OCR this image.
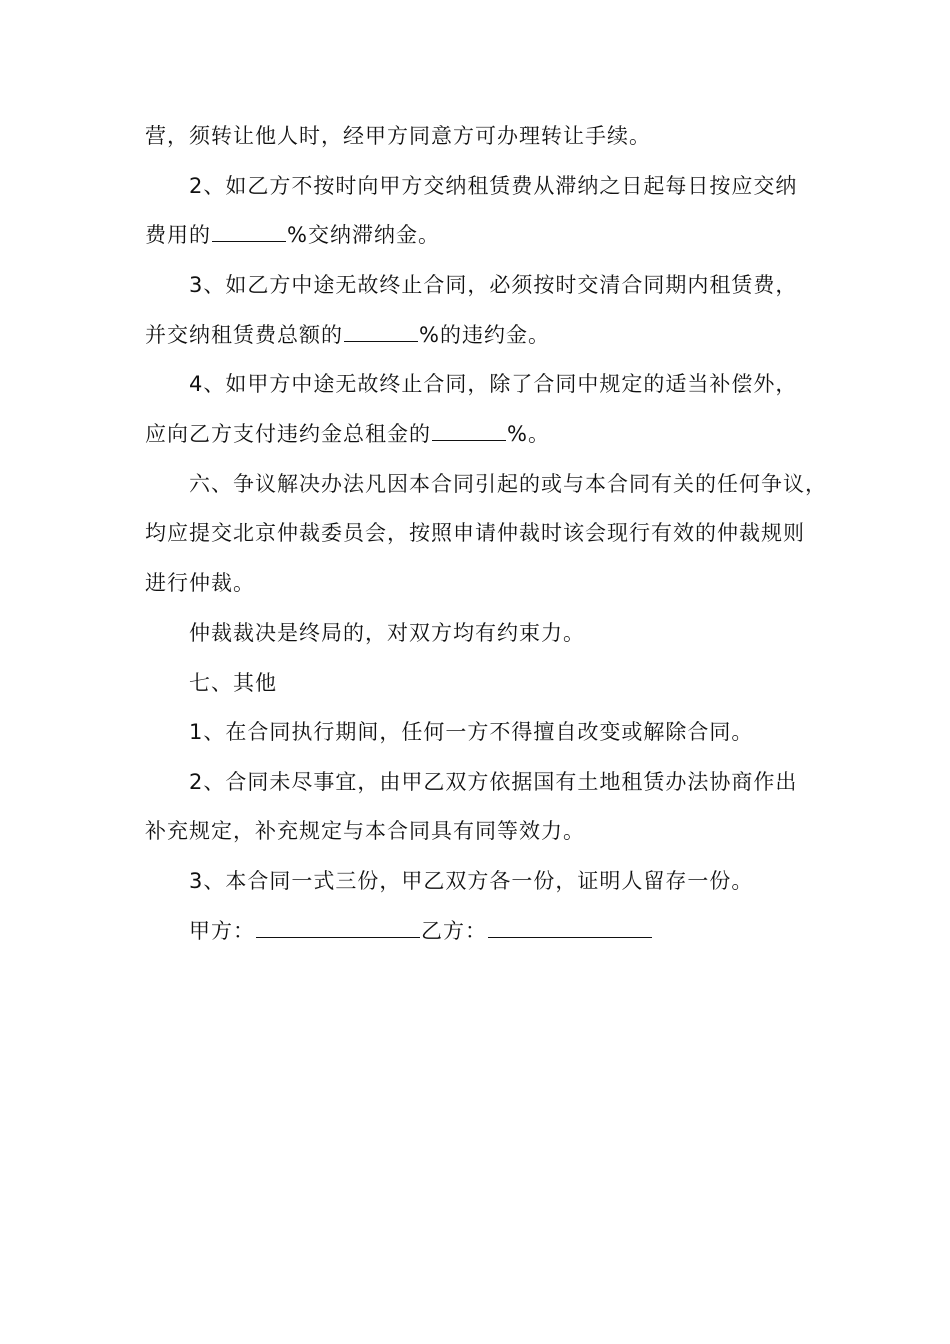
营，须转让他人时，经甲方同意方可办理转让手续。
2、如乙方不按时向甲方交纳租赁费从滞纳之日起每日按应交纳
费用的	%交纳滞纳金。
3、如乙方中途无故终止合同，必须按时交清合同期内租赁费，
并交纳租赁费总额的	%的违约金。
4、如甲方中途无故终止合同，除了合同中规定的适当补偿外，
应向乙方支付违约金总租金的	%。
六、争议解决办法凡因本合同引起的或与本合同有关的任何争议，
均应提交北京仲裁委员会，按照申请仲裁时该会现行有效的仲裁规则
进行仲裁。
仲裁裁决是终局的，对双方均有约束力。
七、其他
1、在合同执行期间，任何一方不得擅自改变或解除合同。
2、合同未尽事宜，由甲乙双方依据国有土地租赁办法协商作出
补充规定，补充规定与本合同具有同等效力。
3、本合同一式三份，甲乙双方各一份，证明人留存一份。
甲方：	乙方：
